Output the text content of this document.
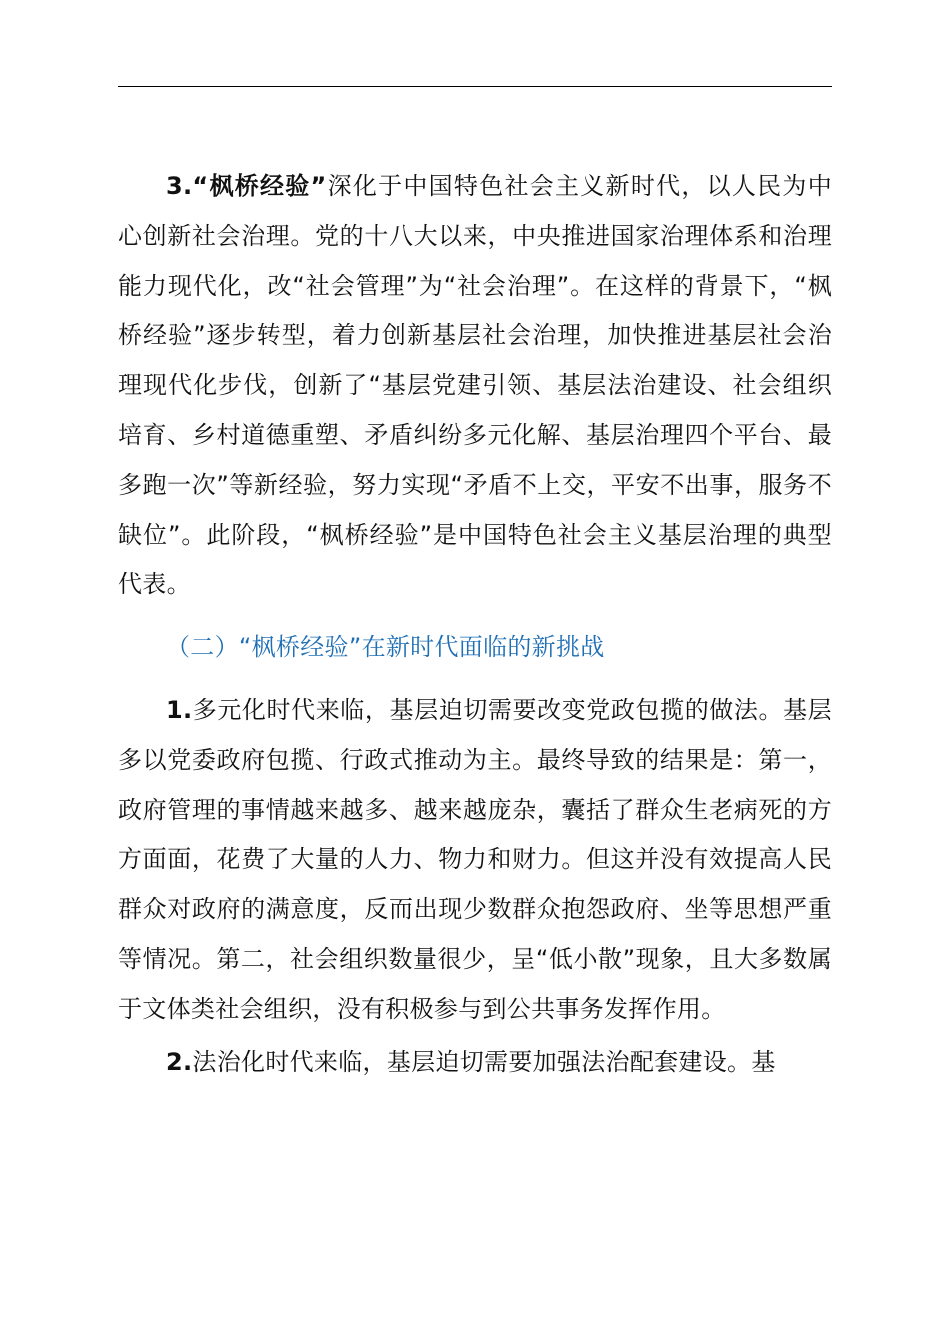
3.“枫桥经验”深化于中国特色社会主义新时代，以人民为中心创新社会治理。党的十八大以来，中央推进国家治理体系和治理能力现代化，改“社会管理”为“社会治理”。在这样的背景下，“枫桥经验”逐步转型，着力创新基层社会治理，加快推进基层社会治理现代化步伐，创新了“基层党建引领、基层法治建设、社会组织培育、乡村道德重塑、矛盾纠纷多元化解、基层治理四个平台、最多跑一次”等新经验，努力实现“矛盾不上交，平安不出事，服务不缺位”。此阶段，“枫桥经验”是中国特色社会主义基层治理的典型代表。

（二）“枫桥经验”在新时代面临的新挑战

1.多元化时代来临，基层迫切需要改变党政包揽的做法。基层多以党委政府包揽、行政式推动为主。最终导致的结果是：第一，政府管理的事情越来越多、越来越庞杂，囊括了群众生老病死的方方面面，花费了大量的人力、物力和财力。但这并没有效提高人民群众对政府的满意度，反而出现少数群众抱怨政府、坐等思想严重等情况。第二，社会组织数量很少，呈“低小散”现象，且大多数属于文体类社会组织，没有积极参与到公共事务发挥作用。

2.法治化时代来临，基层迫切需要加强法治配套建设。基
